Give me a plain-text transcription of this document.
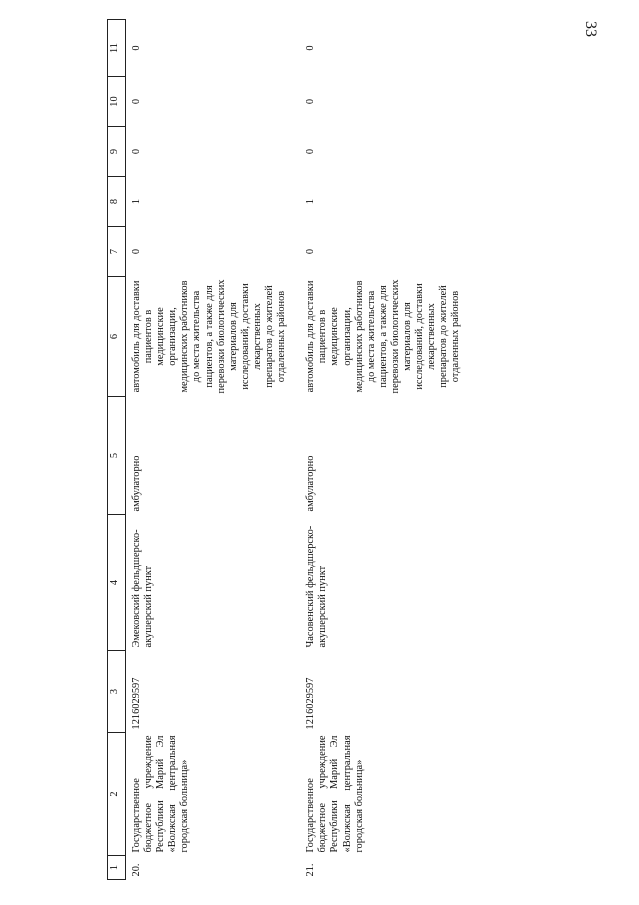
33
1	2	3	4	5	6	7	8	9	10	11
20.	Государственное бюджетное учреждение Республики Марий Эл «Волжская центральная городская больница»	1216029597	Эмековский фельдшерско-акушерский пункт	амбулаторно	автомобиль для доставки пациентов в медицинские организации, медицинских работников до места жительства пациентов, а также для перевозки биологических материалов для исследований, доставки лекарственных препаратов до жителей отдаленных районов	0	1	0	0	0

21.	Государственное бюджетное учреждение Республики Марий Эл «Волжская центральная городская больница»	1216029597	Часовенский фельдшерско-акушерский пункт	амбулаторно	автомобиль для доставки пациентов в медицинские организации, медицинских работников до места жительства пациентов, а также для перевозки биологических материалов для исследований, доставки лекарственных препаратов до жителей отдаленных районов	0	1	0	0	0
